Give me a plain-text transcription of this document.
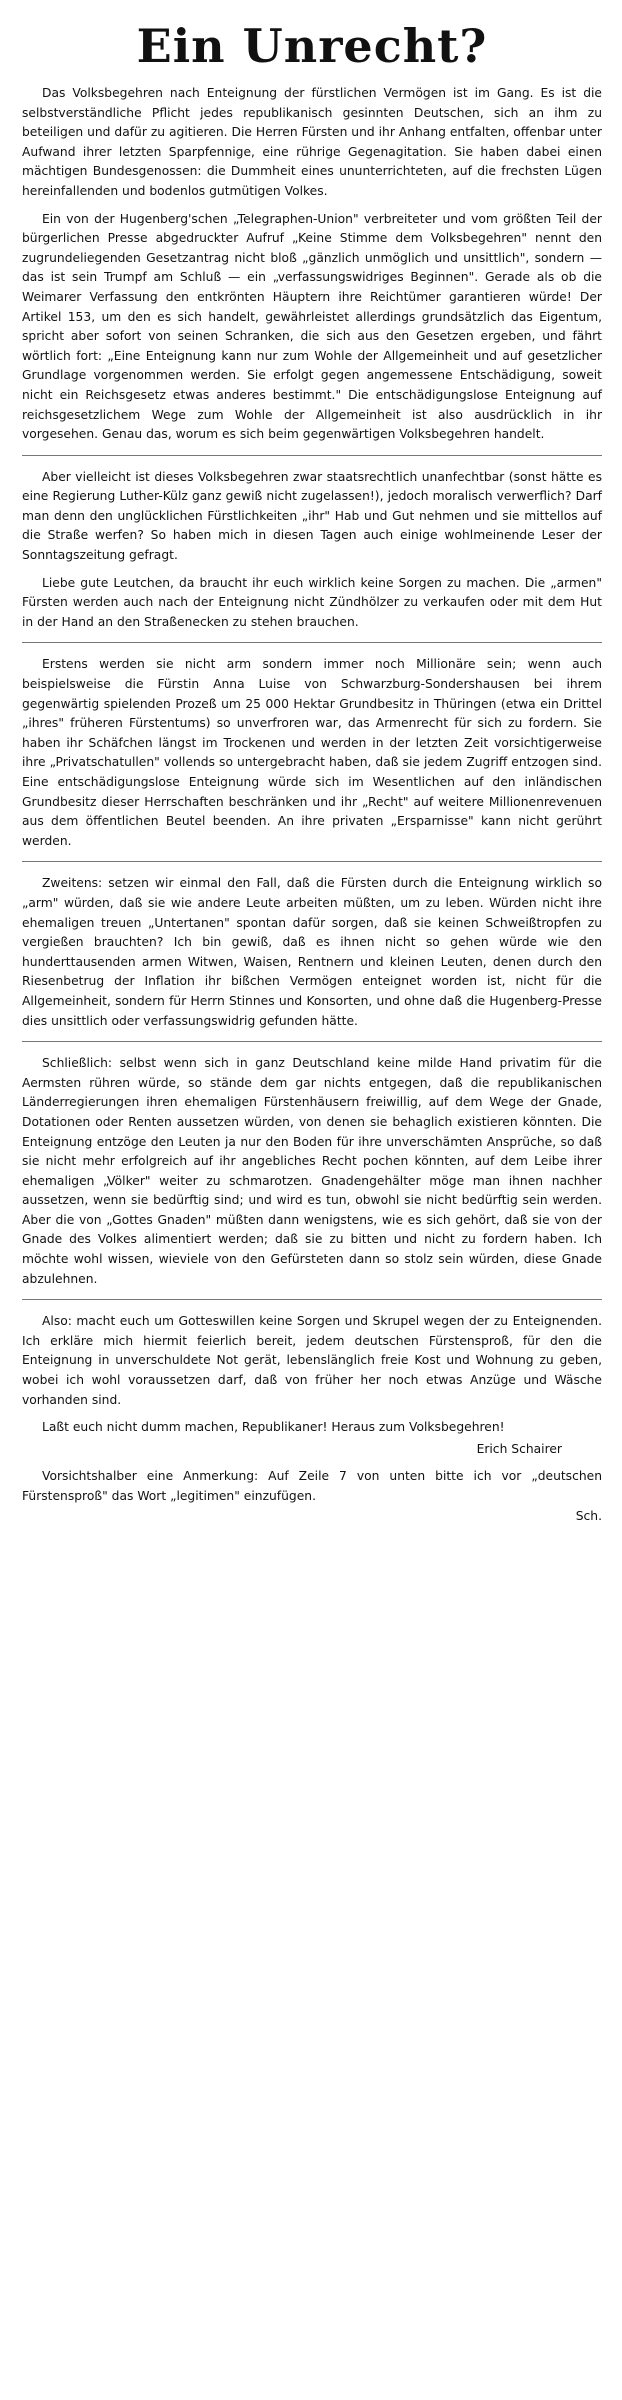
Ein Unrecht?

Das Volksbegehren nach Enteignung der fürstlichen Vermögen ist im Gang. Es ist die selbstverständliche Pflicht jedes republikanisch gesinnten Deutschen, sich an ihm zu beteiligen und dafür zu agitieren. Die Herren Fürsten und ihr Anhang entfalten, offenbar unter Aufwand ihrer letzten Sparpfennige, eine rührige Gegenagitation. Sie haben dabei einen mächtigen Bundesgenossen: die Dummheit eines ununterrichteten, auf die frechsten Lügen hereinfallenden und bodenlos gutmütigen Volkes.

Ein von der Hugenberg'schen „Telegraphen-Union" verbreiteter und vom größten Teil der bürgerlichen Presse abgedruckter Aufruf „Keine Stimme dem Volksbegehren" nennt den zugrundeliegenden Gesetzantrag nicht bloß „gänzlich unmöglich und unsittlich", sondern — das ist sein Trumpf am Schluß — ein „verfassungswidriges Beginnen". Gerade als ob die Weimarer Verfassung den entkrönten Häuptern ihre Reichtümer garantieren würde! Der Artikel 153, um den es sich handelt, gewährleistet allerdings grundsätzlich das Eigentum, spricht aber sofort von seinen Schranken, die sich aus den Gesetzen ergeben, und fährt wörtlich fort: „Eine Enteignung kann nur zum Wohle der Allgemeinheit und auf gesetzlicher Grundlage vorgenommen werden. Sie erfolgt gegen angemessene Entschädigung, soweit nicht ein Reichsgesetz etwas anderes bestimmt." Die entschädigungslose Enteignung auf reichsgesetzlichem Wege zum Wohle der Allgemeinheit ist also ausdrücklich in ihr vorgesehen. Genau das, worum es sich beim gegenwärtigen Volksbegehren handelt.

Aber vielleicht ist dieses Volksbegehren zwar staatsrechtlich unanfechtbar (sonst hätte es eine Regierung Luther-Külz ganz gewiß nicht zugelassen!), jedoch moralisch verwerflich? Darf man denn den unglücklichen Fürstlichkeiten „ihr" Hab und Gut nehmen und sie mittellos auf die Straße werfen? So haben mich in diesen Tagen auch einige wohlmeinende Leser der Sonntagszeitung gefragt.

Liebe gute Leutchen, da braucht ihr euch wirklich keine Sorgen zu machen. Die „armen" Fürsten werden auch nach der Enteignung nicht Zündhölzer zu verkaufen oder mit dem Hut in der Hand an den Straßenecken zu stehen brauchen.

Erstens werden sie nicht arm sondern immer noch Millionäre sein; wenn auch beispielsweise die Fürstin Anna Luise von Schwarzburg-Sondershausen bei ihrem gegenwärtig spielenden Prozeß um 25 000 Hektar Grundbesitz in Thüringen (etwa ein Drittel „ihres" früheren Fürstentums) so unverfroren war, das Armenrecht für sich zu fordern. Sie haben ihr Schäfchen längst im Trockenen und werden in der letzten Zeit vorsichtigerweise ihre „Privatschatullen" vollends so untergebracht haben, daß sie jedem Zugriff entzogen sind. Eine entschädigungslose Enteignung würde sich im Wesentlichen auf den inländischen Grundbesitz dieser Herrschaften beschränken und ihr „Recht" auf weitere Millionenrevenuen aus dem öffentlichen Beutel beenden. An ihre privaten „Ersparnisse" kann nicht gerührt werden.

Zweitens: setzen wir einmal den Fall, daß die Fürsten durch die Enteignung wirklich so „arm" würden, daß sie wie andere Leute arbeiten müßten, um zu leben. Würden nicht ihre ehemaligen treuen „Untertanen" spontan dafür sorgen, daß sie keinen Schweißtropfen zu vergießen brauchten? Ich bin gewiß, daß es ihnen nicht so gehen würde wie den hunderttausenden armen Witwen, Waisen, Rentnern und kleinen Leuten, denen durch den Riesenbetrug der Inflation ihr bißchen Vermögen enteignet worden ist, nicht für die Allgemeinheit, sondern für Herrn Stinnes und Konsorten, und ohne daß die Hugenberg-Presse dies unsittlich oder verfassungswidrig gefunden hätte.

Schließlich: selbst wenn sich in ganz Deutschland keine milde Hand privatim für die Aermsten rühren würde, so stände dem gar nichts entgegen, daß die republikanischen Länderregierungen ihren ehemaligen Fürstenhäusern freiwillig, auf dem Wege der Gnade, Dotationen oder Renten aussetzen würden, von denen sie behaglich existieren könnten. Die Enteignung entzöge den Leuten ja nur den Boden für ihre unverschämten Ansprüche, so daß sie nicht mehr erfolgreich auf ihr angebliches Recht pochen könnten, auf dem Leibe ihrer ehemaligen „Völker" weiter zu schmarotzen. Gnadengehälter möge man ihnen nachher aussetzen, wenn sie bedürftig sind; und wird es tun, obwohl sie nicht bedürftig sein werden. Aber die von „Gottes Gnaden" müßten dann wenigstens, wie es sich gehört, daß sie von der Gnade des Volkes alimentiert werden; daß sie zu bitten und nicht zu fordern haben. Ich möchte wohl wissen, wieviele von den Gefürsteten dann so stolz sein würden, diese Gnade abzulehnen.

Also: macht euch um Gotteswillen keine Sorgen und Skrupel wegen der zu Enteignenden. Ich erkläre mich hiermit feierlich bereit, jedem deutschen Fürstensproß, für den die Enteignung in unverschuldete Not gerät, lebenslänglich freie Kost und Wohnung zu geben, wobei ich wohl voraussetzen darf, daß von früher her noch etwas Anzüge und Wäsche vorhanden sind.

Laßt euch nicht dumm machen, Republikaner! Heraus zum Volksbegehren!

Erich Schairer

Vorsichtshalber eine Anmerkung: Auf Zeile 7 von unten bitte ich vor „deutschen Fürstensproß" das Wort „legitimen" einzufügen.

Sch.
